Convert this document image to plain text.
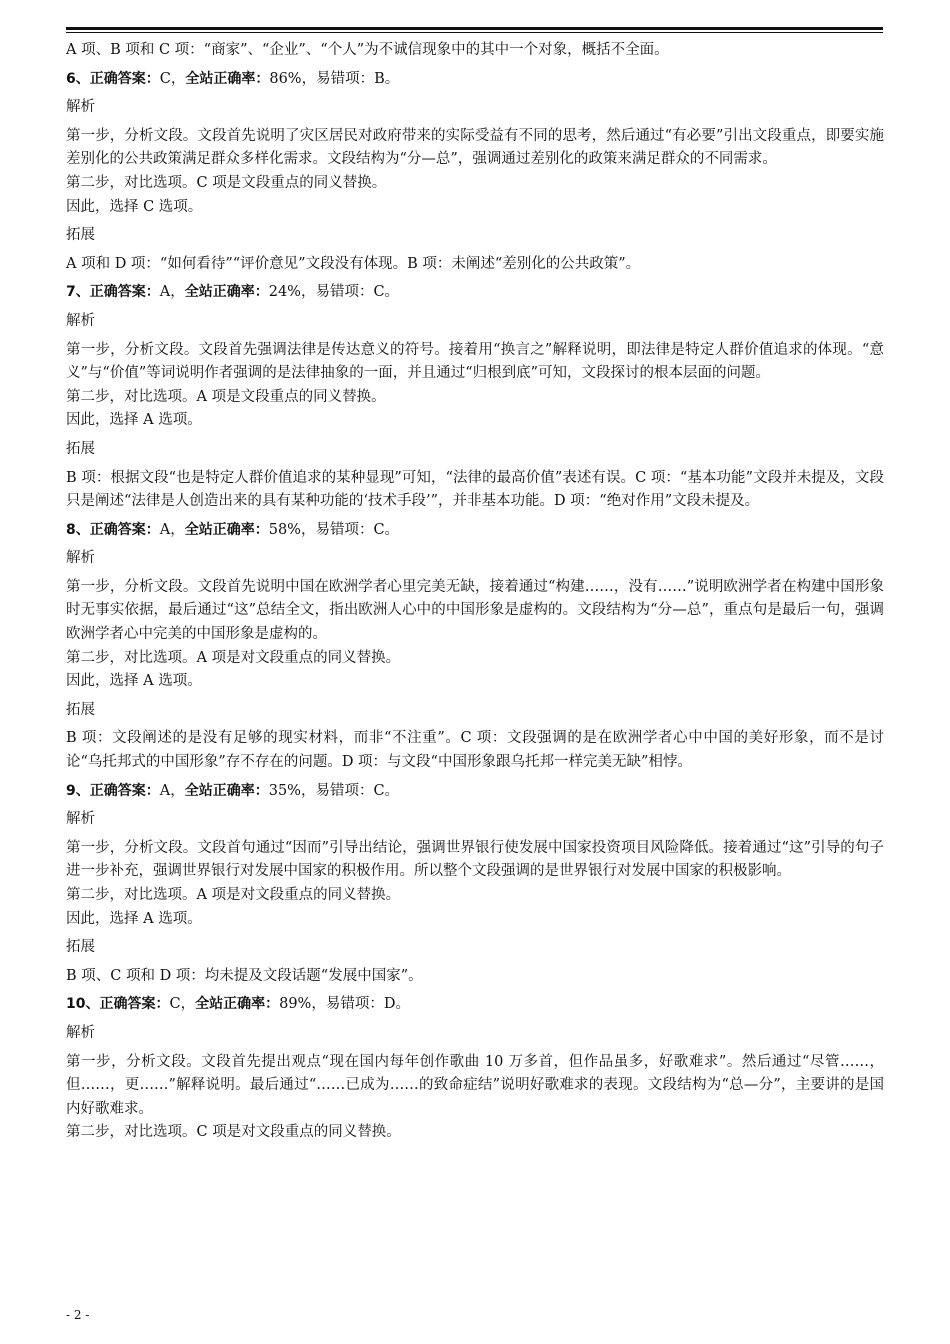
A 项、B 项和 C 项：“商家”、“企业”、“个人”为不诚信现象中的其中一个对象，概括不全面。

6、正确答案：C，全站正确率：86%，易错项：B。

解析

第一步，分析文段。文段首先说明了灾区居民对政府带来的实际受益有不同的思考，然后通过“有必要”引出文段重点，即要实施差别化的公共政策满足群众多样化需求。文段结构为“分—总”，强调通过差别化的政策来满足群众的不同需求。

第二步，对比选项。C 项是文段重点的同义替换。

因此，选择 C 选项。

拓展

A 项和 D 项：“如何看待”“评价意见”文段没有体现。B 项：未阐述“差别化的公共政策”。

7、正确答案：A，全站正确率：24%，易错项：C。

解析

第一步，分析文段。文段首先强调法律是传达意义的符号。接着用“换言之”解释说明，即法律是特定人群价值追求的体现。“意义”与“价值”等词说明作者强调的是法律抽象的一面，并且通过“归根到底”可知，文段探讨的根本层面的问题。

第二步，对比选项。A 项是文段重点的同义替换。

因此，选择 A 选项。

拓展

B 项：根据文段“也是特定人群价值追求的某种显现”可知，“法律的最高价值”表述有误。C 项：“基本功能”文段并未提及，文段只是阐述“法律是人创造出来的具有某种功能的‘技术手段’”，并非基本功能。D 项：“绝对作用”文段未提及。

8、正确答案：A，全站正确率：58%，易错项：C。

解析

第一步，分析文段。文段首先说明中国在欧洲学者心里完美无缺，接着通过“构建……，没有……”说明欧洲学者在构建中国形象时无事实依据，最后通过“这”总结全文，指出欧洲人心中的中国形象是虚构的。文段结构为“分—总”，重点句是最后一句，强调欧洲学者心中完美的中国形象是虚构的。

第二步，对比选项。A 项是对文段重点的同义替换。

因此，选择 A 选项。

拓展

B 项：文段阐述的是没有足够的现实材料，而非“不注重”。C 项：文段强调的是在欧洲学者心中中国的美好形象，而不是讨论“乌托邦式的中国形象”存不存在的问题。D 项：与文段“中国形象跟乌托邦一样完美无缺”相悖。

9、正确答案：A，全站正确率：35%，易错项：C。

解析

第一步，分析文段。文段首句通过“因而”引导出结论，强调世界银行使发展中国家投资项目风险降低。接着通过“这”引导的句子进一步补充，强调世界银行对发展中国家的积极作用。所以整个文段强调的是世界银行对发展中国家的积极影响。

第二步，对比选项。A 项是对文段重点的同义替换。

因此，选择 A 选项。

拓展

B 项、C 项和 D 项：均未提及文段话题“发展中国家”。

10、正确答案：C，全站正确率：89%，易错项：D。

解析

第一步，分析文段。文段首先提出观点“现在国内每年创作歌曲 10 万多首，但作品虽多，好歌难求”。然后通过“尽管……，但……，更……”解释说明。最后通过“……已成为……的致命症结”说明好歌难求的表现。文段结构为“总—分”，主要讲的是国内好歌难求。

第二步，对比选项。C 项是对文段重点的同义替换。

- 2 -
